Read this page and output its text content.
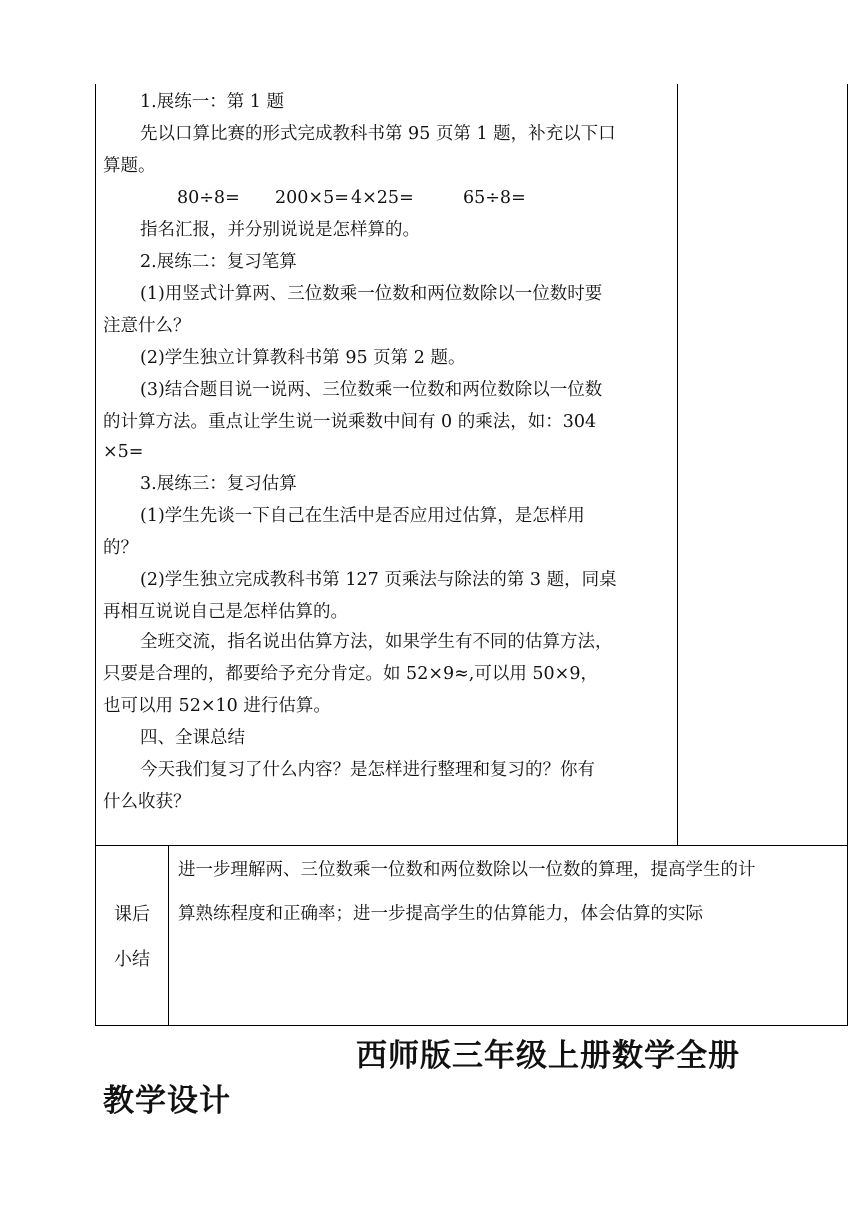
1.展练一：第 1 题
先以口算比赛的形式完成教科书第 95 页第 1 题，补充以下口
算题。
80÷8= 200×5= 4×25=	65÷8=
指名汇报，并分别说说是怎样算的。
2.展练二：复习笔算
(1)用竖式计算两、三位数乘一位数和两位数除以一位数时要
注意什么？
(2)学生独立计算教科书第 95 页第 2 题。
(3)结合题目说一说两、三位数乘一位数和两位数除以一位数
的计算方法。重点让学生说一说乘数中间有 0 的乘法，如：304
×5=
3.展练三：复习估算
(1)学生先谈一下自己在生活中是否应用过估算，是怎样用
的？
(2)学生独立完成教科书第 127 页乘法与除法的第 3 题，同桌
再相互说说自己是怎样估算的。
全班交流，指名说出估算方法，如果学生有不同的估算方法，
只要是合理的，都要给予充分肯定。如 52×9≈,可以用 50×9，
也可以用 52×10 进行估算。
四、全课总结
今天我们复习了什么内容？是怎样进行整理和复习的？你有
什么收获？
课后
小结
进一步理解两、三位数乘一位数和两位数除以一位数的算理，提高学生的计
算熟练程度和正确率；进一步提高学生的估算能力，体会估算的实际
西师版三年级上册数学全册
教学设计
